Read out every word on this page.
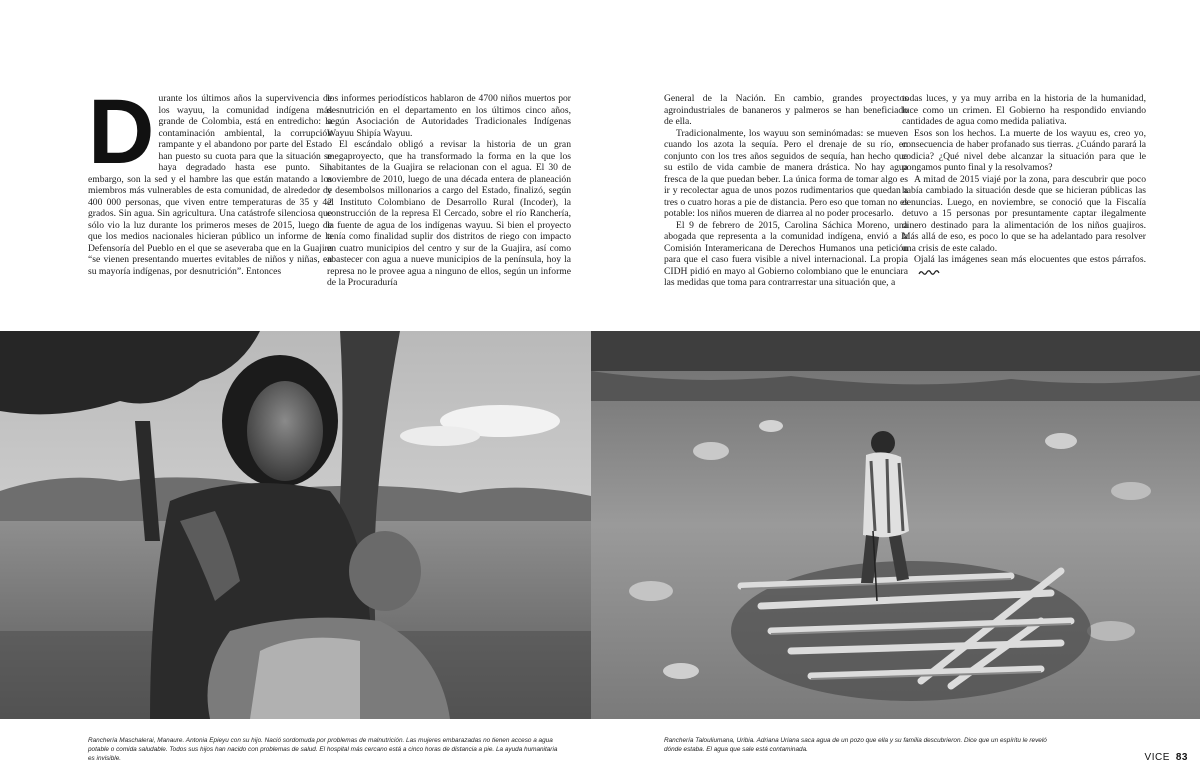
D urante los últimos años la supervivencia de los wayuu, la comunidad indígena más grande de Colombia, está en entredicho: la contaminación ambiental, la corrupción rampante y el abandono por parte del Estado han puesto su cuota para que la situación se haya degradado hasta ese punto. Sin embargo, son la sed y el hambre las que están matando a los miembros más vulnerables de esta comunidad, de alrededor de 400 000 personas, que viven entre temperaturas de 35 y 42 grados. Sin agua. Sin agricultura. Una catástrofe silenciosa que sólo vio la luz durante los primeros meses de 2015, luego de que los medios nacionales hicieran público un informe de la Defensoría del Pueblo en el que se aseveraba que en la Guajira “se vienen presentando muertes evitables de niños y niñas, en su mayoría indígenas, por desnutrición”. Entonces

los informes periodísticos hablaron de 4700 niños muertos por desnutrición en el departamento en los últimos cinco años, según Asociación de Autoridades Tradicionales Indígenas Wayuu Shipía Wayuu.

El escándalo obligó a revisar la historia de un gran megaproyecto, que ha transformado la forma en la que los habitantes de la Guajira se relacionan con el agua. El 30 de noviembre de 2010, luego de una década entera de planeación y desembolsos millonarios a cargo del Estado, finalizó, según el Instituto Colombiano de Desarrollo Rural (Incoder), la construcción de la represa El Cercado, sobre el río Ranchería, la fuente de agua de los indígenas wayuu. Si bien el proyecto tenía como finalidad suplir dos distritos de riego con impacto en cuatro municipios del centro y sur de la Guajira, así como abastecer con agua a nueve municipios de la península, hoy la represa no le provee agua a ninguno de ellos, según un informe de la Procuraduría

General de la Nación. En cambio, grandes proyectos agroindustriales de bananeros y palmeros se han beneficiado de ella.

Tradicionalmente, los wayuu son seminómadas: se mueven cuando los azota la sequía. Pero el drenaje de su río, en conjunto con los tres años seguidos de sequía, han hecho que su estilo de vida cambie de manera drástica. No hay agua fresca de la que puedan beber. La única forma de tomar algo es ir y recolectar agua de unos pozos rudimentarios que quedan a tres o cuatro horas a pie de distancia. Pero eso que toman no es potable: los niños mueren de diarrea al no poder procesarlo.

El 9 de febrero de 2015, Carolina Sáchica Moreno, una abogada que representa a la comunidad indígena, envió a la Comisión Interamericana de Derechos Humanos una petición para que el caso fuera visible a nivel internacional. La propia CIDH pidió en mayo al Gobierno colombiano que le enunciara las medidas que toma para contrarrestar una situación que, a

todas luces, y ya muy arriba en la historia de la humanidad, luce como un crimen. El Gobierno ha respondido enviando cantidades de agua como medida paliativa.

Esos son los hechos. La muerte de los wayuu es, creo yo, consecuencia de haber profanado sus tierras. ¿Cuándo parará la codicia? ¿Qué nivel debe alcanzar la situación para que le pongamos punto final y la resolvamos?

A mitad de 2015 viajé por la zona, para descubrir que poco había cambiado la situación desde que se hicieran públicas las denuncias. Luego, en noviembre, se conoció que la Fiscalía detuvo a 15 personas por presuntamente captar ilegalmente dinero destinado para la alimentación de los niños guajiros. Más allá de eso, es poco lo que se ha adelantado para resolver una crisis de este calado.

Ojalá las imágenes sean más elocuentes que estos párrafos.

Ranchería Maschalerai, Manaure. Antonia Epieyu con su hijo. Nació sordomuda por problemas de malnutrición. Las mujeres embarazadas no tienen acceso a agua potable o comida saludable. Todos sus hijos han nacido con problemas de salud. El hospital más cercano está a cinco horas de distancia a pie. La ayuda humanitaria es invisible.
Ranchería Talouliumana, Uribia. Adriana Uriana saca agua de un pozo que ella y su familia descubrieron. Dice que un espíritu le reveló dónde estaba. El agua que sale está contaminada.
VICE 83
